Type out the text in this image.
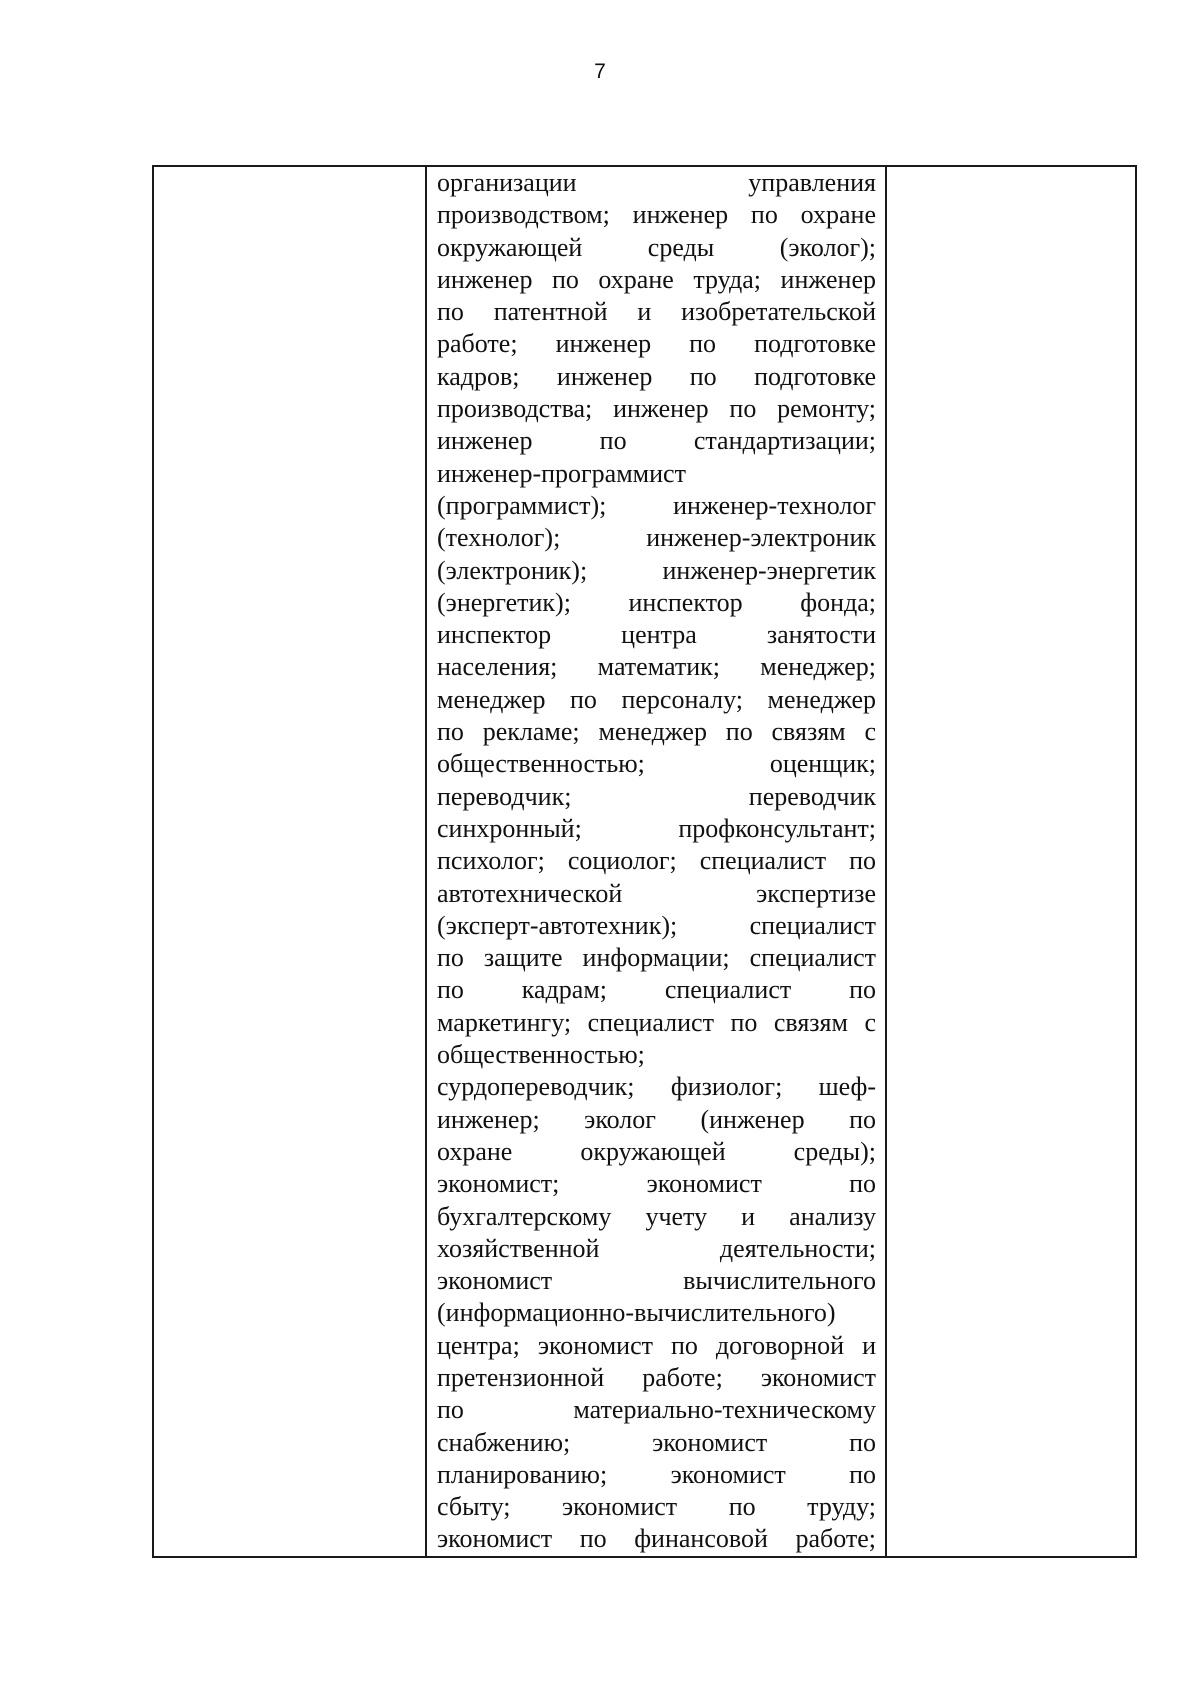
7
организации управления
производством; инженер по охране
окружающей среды (эколог);
инженер по охране труда; инженер
по патентной и изобретательской
работе; инженер по подготовке
кадров; инженер по подготовке
производства; инженер по ремонту;
инженер по стандартизации;
инженер-программист
(программист); инженер-технолог
(технолог); инженер-электроник
(электроник); инженер-энергетик
(энергетик); инспектор фонда;
инспектор центра занятости
населения; математик; менеджер;
менеджер по персоналу; менеджер
по рекламе; менеджер по связям с
общественностью; оценщик;
переводчик; переводчик
синхронный; профконсультант;
психолог; социолог; специалист по
автотехнической экспертизе
(эксперт-автотехник); специалист
по защите информации; специалист
по кадрам; специалист по
маркетингу; специалист по связям с
общественностью;
сурдопереводчик; физиолог; шеф-
инженер; эколог (инженер по
охране окружающей среды);
экономист; экономист по
бухгалтерскому учету и анализу
хозяйственной деятельности;
экономист вычислительного
(информационно-вычислительного)
центра; экономист по договорной и
претензионной работе; экономист
по материально-техническому
снабжению; экономист по
планированию; экономист по
сбыту; экономист по труду;
экономист по финансовой работе;
